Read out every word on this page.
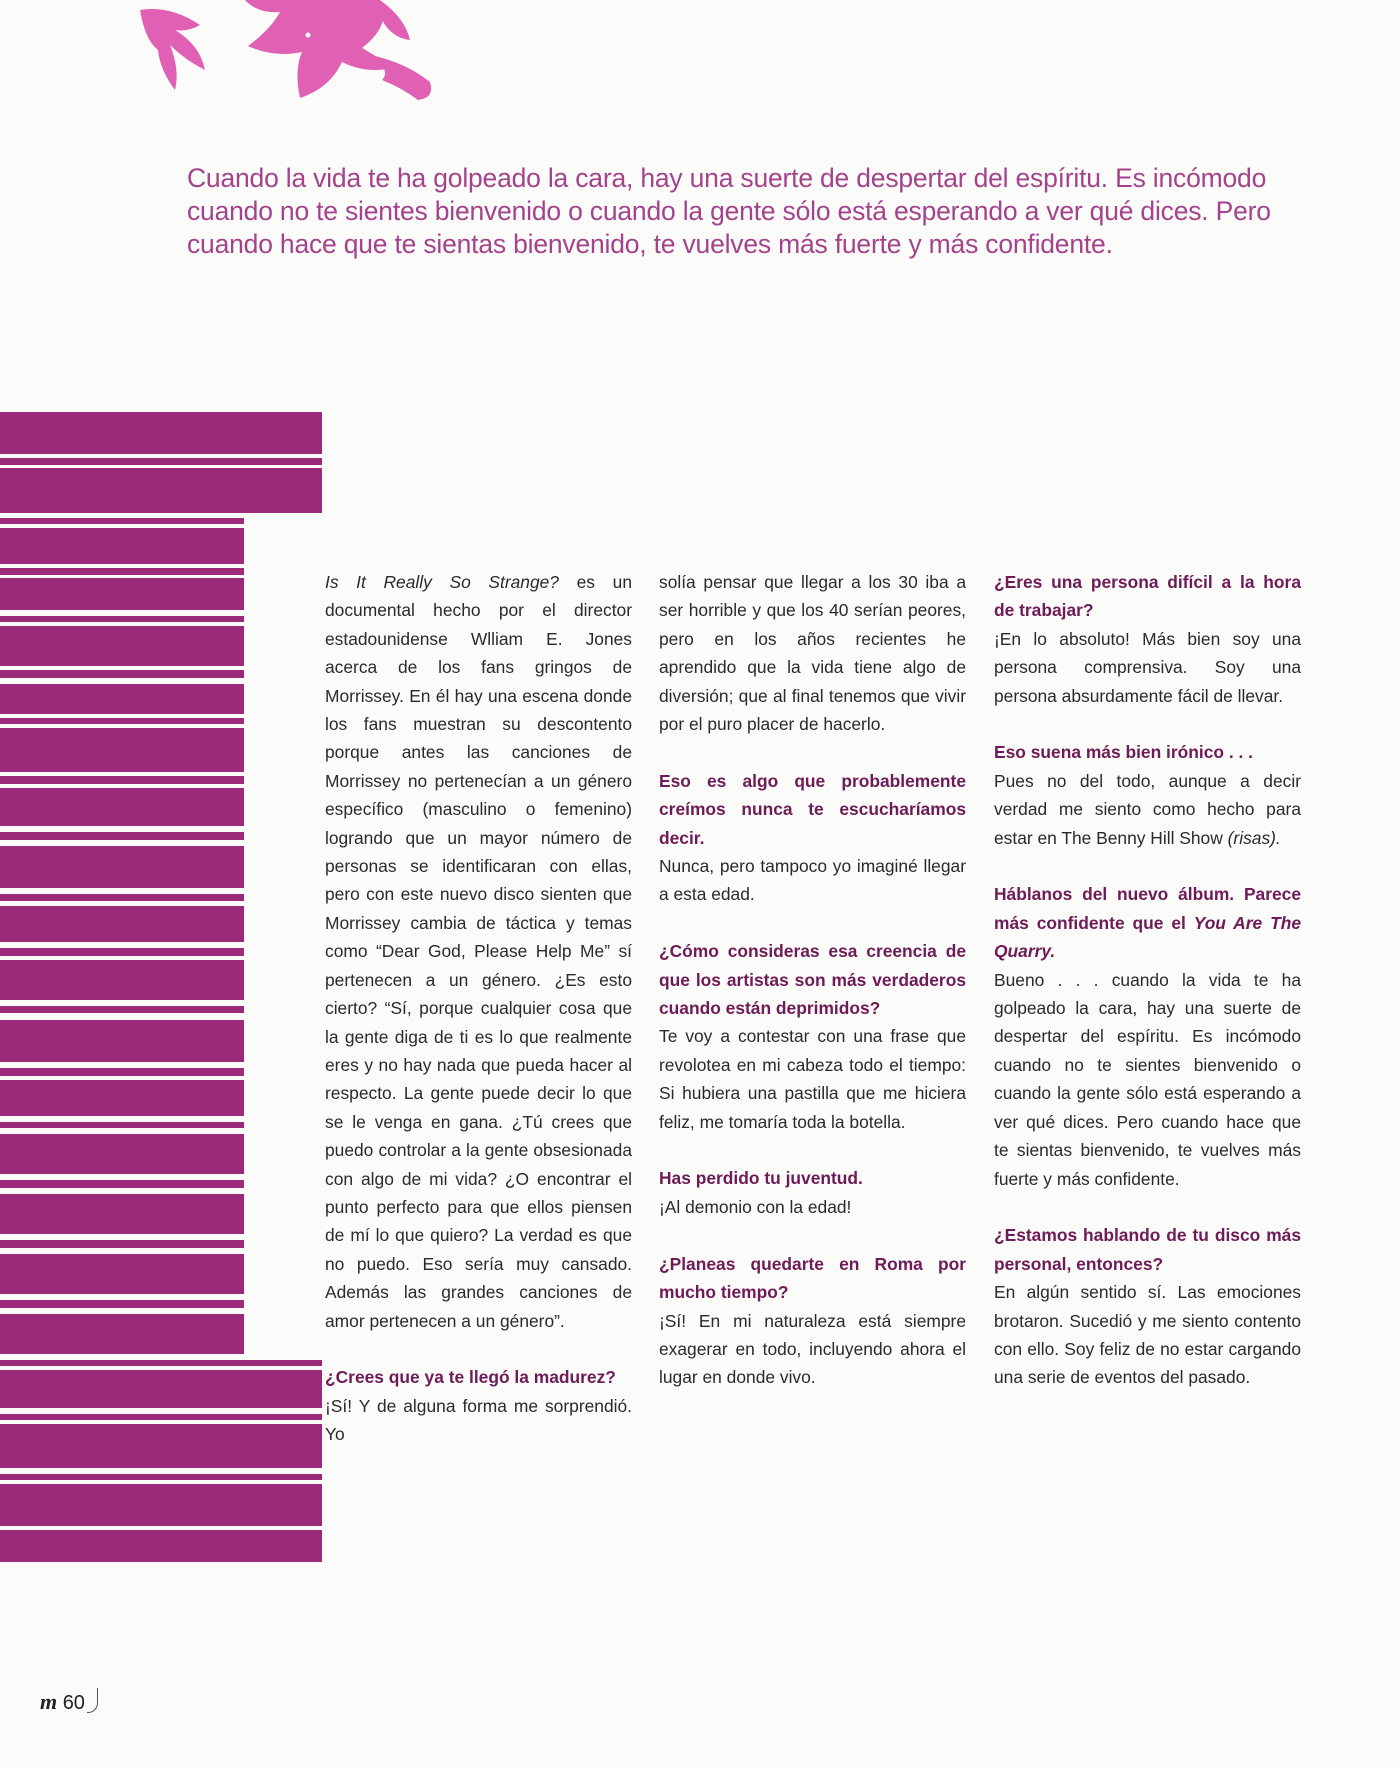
Cuando la vida te ha golpeado la cara, hay una suerte de despertar del espíritu. Es incómodo cuando no te sientes bienvenido o cuando la gente sólo está esperando a ver qué dices. Pero cuando hace que te sientas bienvenido, te vuelves más fuerte y más confidente.

Is It Really So Strange? es un documental hecho por el director estadounidense Wlliam E. Jones acerca de los fans gringos de Morrissey. En él hay una escena donde los fans muestran su descontento porque antes las canciones de Morrissey no pertenecían a un género específico (masculino o femenino) logrando que un mayor número de personas se identificaran con ellas, pero con este nuevo disco sienten que Morrissey cambia de táctica y temas como “Dear God, Please Help Me” sí pertenecen a un género. ¿Es esto cierto? “Sí, porque cualquier cosa que la gente diga de ti es lo que realmente eres y no hay nada que pueda hacer al respecto. La gente puede decir lo que se le venga en gana. ¿Tú crees que puedo controlar a la gente obsesionada con algo de mi vida? ¿O encontrar el punto perfecto para que ellos piensen de mí lo que quiero? La verdad es que no puedo. Eso sería muy cansado. Además las grandes canciones de amor pertenecen a un género”.

¿Crees que ya te llegó la madurez?

¡Sí! Y de alguna forma me sorprendió. Yo

solía pensar que llegar a los 30 iba a ser horrible y que los 40 serían peores, pero en los años recientes he aprendido que la vida tiene algo de diversión; que al final tenemos que vivir por el puro placer de hacerlo.

Eso es algo que probablemente creímos nunca te escucharíamos decir.
Nunca, pero tampoco yo imaginé llegar a esta edad.

¿Cómo consideras esa creencia de que los artistas son más verdaderos cuando están deprimidos?
Te voy a contestar con una frase que revolotea en mi cabeza todo el tiempo: Si hubiera una pastilla que me hiciera feliz, me tomaría toda la botella.

Has perdido tu juventud.
¡Al demonio con la edad!

¿Planeas quedarte en Roma por mucho tiempo?
¡Sí! En mi naturaleza está siempre exagerar en todo, incluyendo ahora el lugar en donde vivo.

¿Eres una persona difícil a la hora de trabajar?
¡En lo absoluto! Más bien soy una persona comprensiva. Soy una persona absurdamente fácil de llevar.

Eso suena más bien irónico . . .
Pues no del todo, aunque a decir verdad me siento como hecho para estar en The Benny Hill Show (risas).

Háblanos del nuevo álbum. Parece más confidente que el You Are The Quarry.
Bueno . . . cuando la vida te ha golpeado la cara, hay una suerte de despertar del espíritu. Es incómodo cuando no te sientes bienvenido o cuando la gente sólo está esperando a ver qué dices. Pero cuando hace que te sientas bienvenido, te vuelves más fuerte y más confidente.

¿Estamos hablando de tu disco más personal, entonces?
En algún sentido sí. Las emociones brotaron. Sucedió y me siento contento con ello. Soy feliz de no estar cargando una serie de eventos del pasado.

m 60
